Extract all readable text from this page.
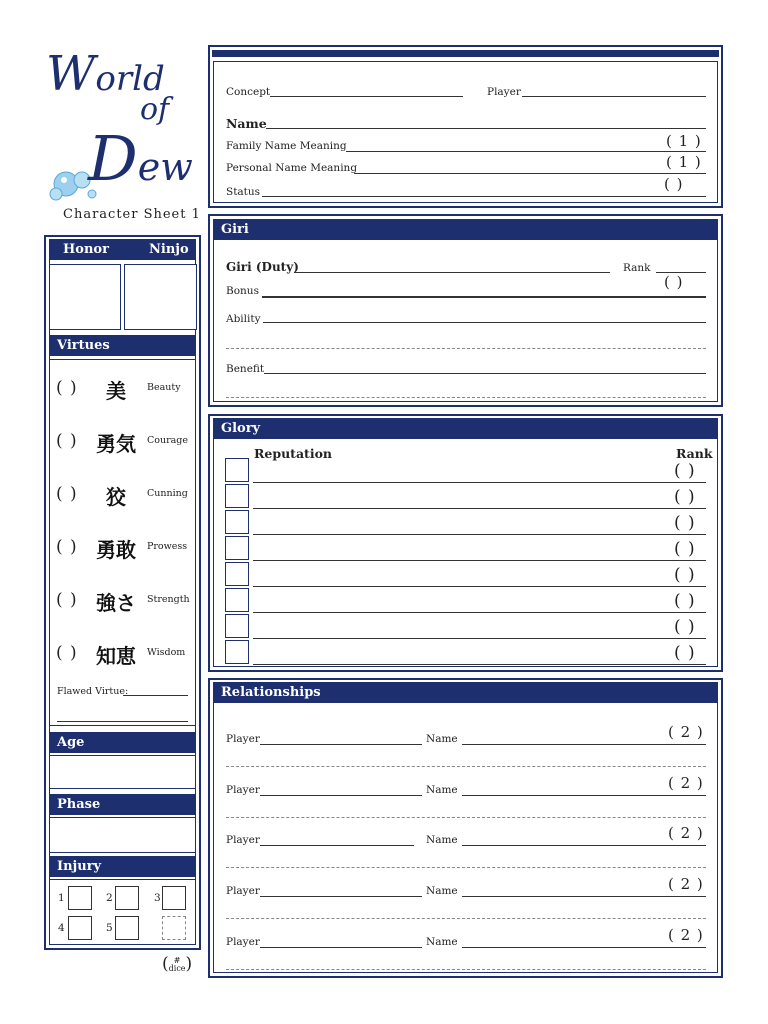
World
of
Dew
Character Sheet 1
Concept	Player
Name
Family Name Meaning	( 1 )
Personal Name Meaning	( 1 )
Status	( )
Honor	Ninjo
Virtues
( ) 美 Beauty
( ) 勇気 Courage
( ) 狡 Cunning
( ) 勇敢 Prowess
( ) 強さ Strength
( ) 知恵 Wisdom
Flawed Virtue:
Age
Phase
Injury
1	2	3
4	5
( #
dice )
Giri
Giri (Duty)	Rank
( )
Bonus
Ability
Benefit
Glory
Reputation	Rank
( )
( )
( )
( )
( )
( )
( )
( )
Relationships
Player	Name	( 2 )
Player	Name	( 2 )
Player	Name	( 2 )
Player	Name	( 2 )
Player	Name	( 2 )
